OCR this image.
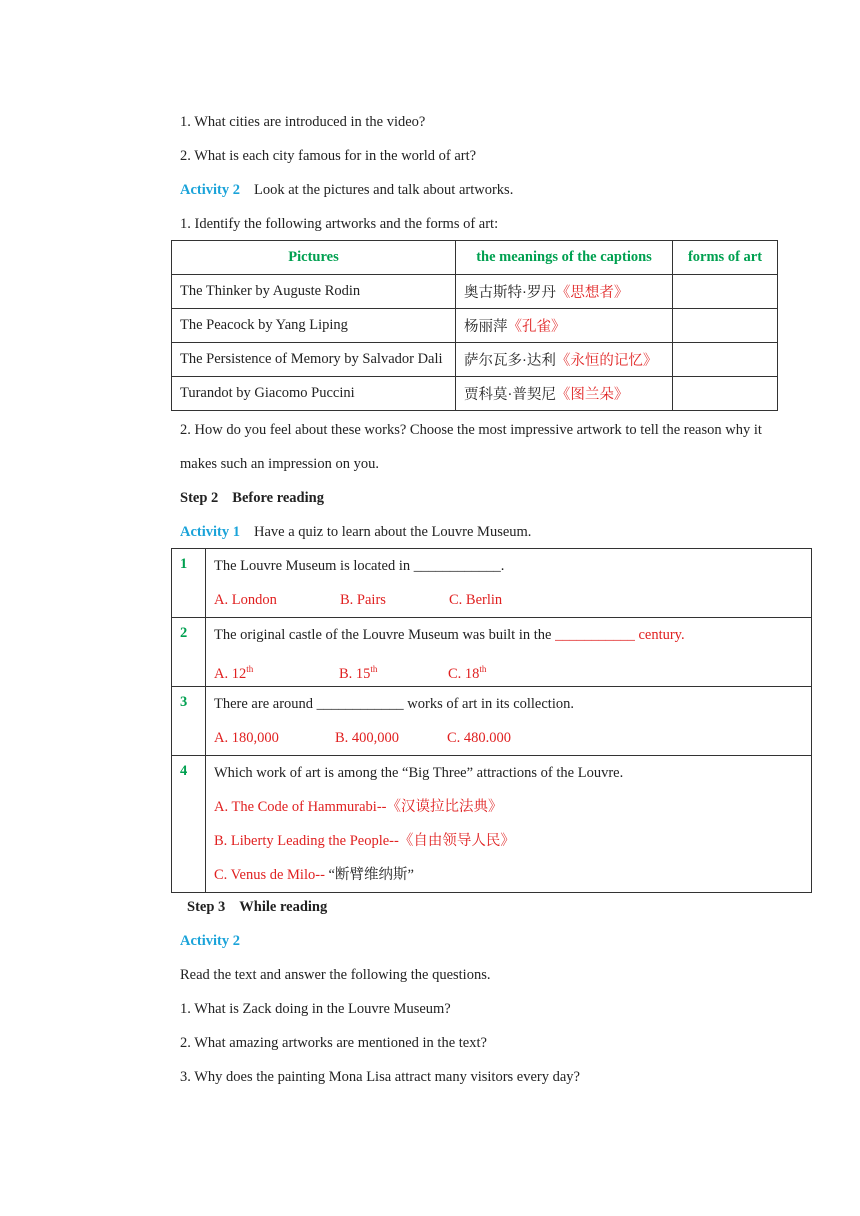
1. What cities are introduced in the video?
2. What is each city famous for in the world of art?
Activity 2 Look at the pictures and talk about artworks.
1. Identify the following artworks and the forms of art:
Pictures	the meanings of the captions	forms of art
The Thinker by Auguste Rodin	奥古斯特·罗丹《思想者》	
The Peacock by Yang Liping	杨丽萍《孔雀》	
The Persistence of Memory by Salvador Dali	萨尔瓦多·达利《永恒的记忆》	
Turandot by Giacomo Puccini	贾科莫·普契尼《图兰朵》	
2. How do you feel about these works? Choose the most impressive artwork to tell the reason why it
makes such an impression on you.
Step 2 Before reading
Activity 1 Have a quiz to learn about the Louvre Museum.
1	The Louvre Museum is located in ____________.
A. London B. Pairs C. Berlin

2	The original castle of the Louvre Museum was built in the ___________ century.
A. 12th B. 15th C. 18th

3	There are around ____________ works of art in its collection.
A. 180,000 B. 400,000 C. 480.000

4	Which work of art is among the “Big Three” attractions of the Louvre.
A. The Code of Hammurabi--《汉谟拉比法典》
B. Liberty Leading the People--《自由领导人民》
C. Venus de Milo-- “断臂维纳斯”
Step 3 While reading
Activity 2
Read the text and answer the following the questions.
1. What is Zack doing in the Louvre Museum?
2. What amazing artworks are mentioned in the text?
3. Why does the painting Mona Lisa attract many visitors every day?
